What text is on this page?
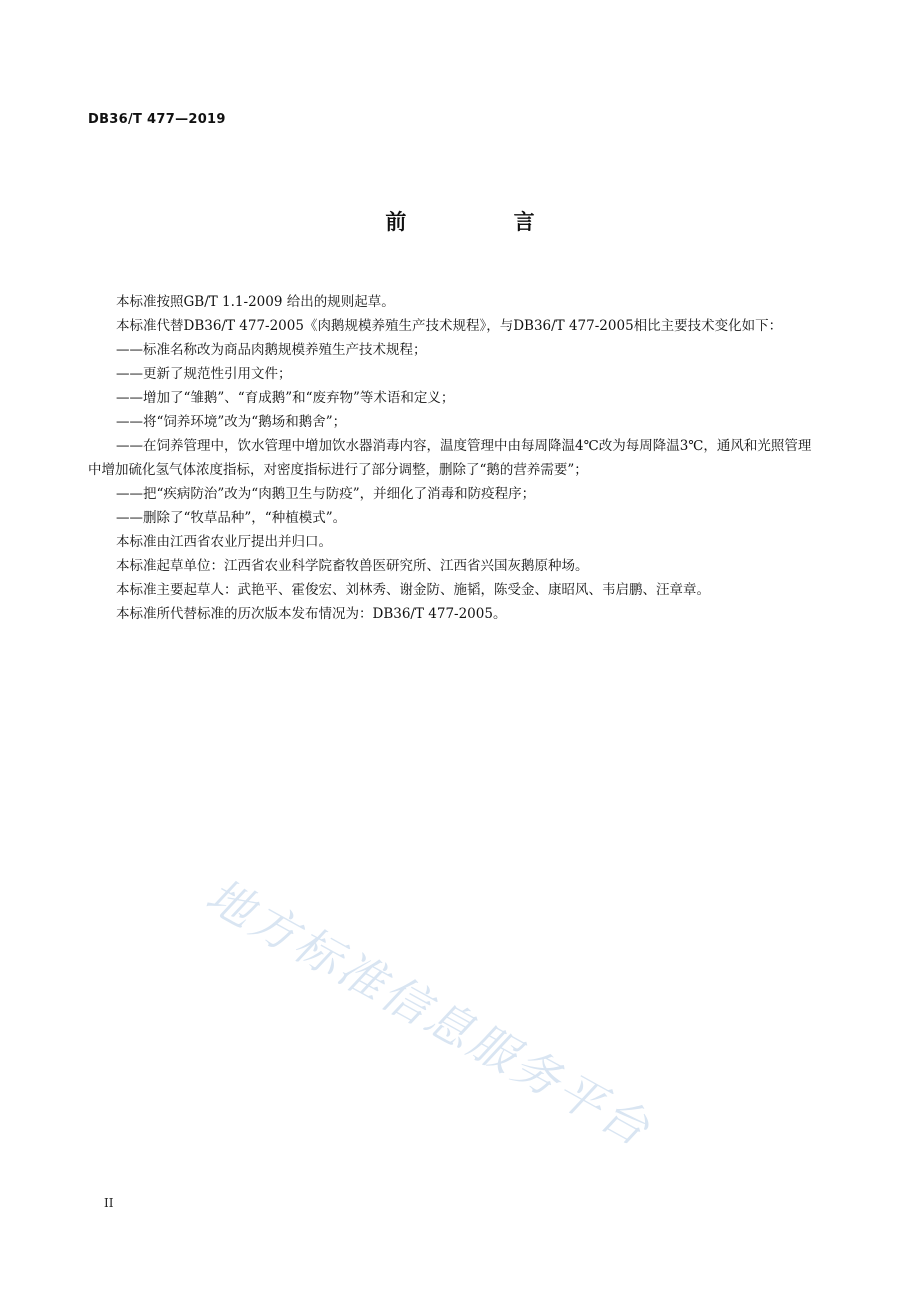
DB36/T 477—2019
前 言

本标准按照GB/T 1.1-2009 给出的规则起草。

本标准代替DB36/T 477-2005《肉鹅规模养殖生产技术规程》，与DB36/T 477-2005相比主要技术变化如下：

——标准名称改为商品肉鹅规模养殖生产技术规程；

——更新了规范性引用文件；

——增加了“雏鹅”、“育成鹅”和“废弃物”等术语和定义；

——将“饲养环境”改为“鹅场和鹅舍”；

——在饲养管理中，饮水管理中增加饮水器消毒内容，温度管理中由每周降温4℃改为每周降温3℃，通风和光照管理中增加硫化氢气体浓度指标，对密度指标进行了部分调整，删除了“鹅的营养需要”；

——把“疾病防治”改为“肉鹅卫生与防疫”，并细化了消毒和防疫程序；

——删除了“牧草品种”，“种植模式”。

本标准由江西省农业厅提出并归口。

本标准起草单位：江西省农业科学院畜牧兽医研究所、江西省兴国灰鹅原种场。

本标准主要起草人：武艳平、霍俊宏、刘林秀、谢金防、施韬，陈受金、康昭风、韦启鹏、汪章章。

本标准所代替标准的历次版本发布情况为：DB36/T 477-2005。

地方标准信息服务平台
II
